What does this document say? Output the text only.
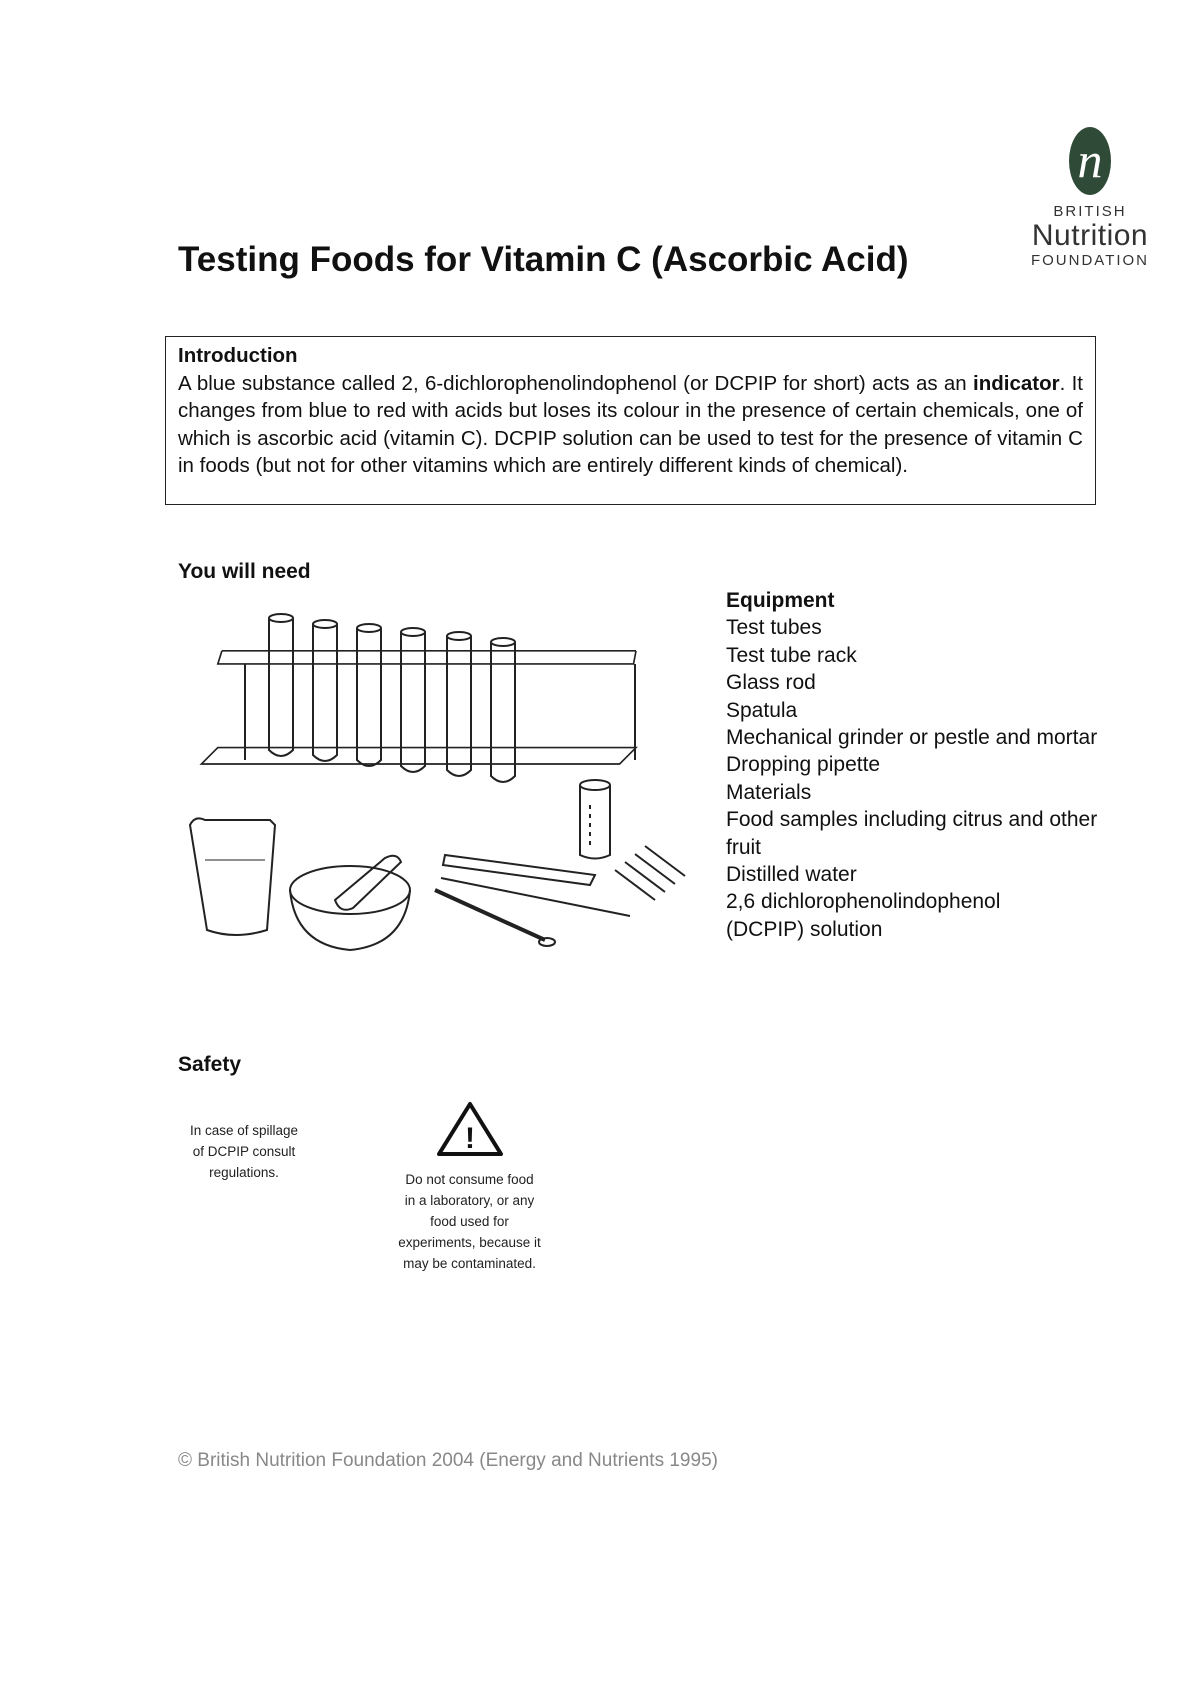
n
BRITISH
Nutrition
FOUNDATION
Testing Foods for Vitamin C (Ascorbic Acid)
Introduction
A blue substance called 2, 6-dichlorophenolindophenol (or DCPIP for short) acts as an indicator. It changes from blue to red with acids but loses its colour in the presence of certain chemicals, one of which is ascorbic acid (vitamin C). DCPIP solution can be used to test for the presence of vitamin C in foods (but not for other vitamins which are entirely different kinds of chemical).
You will need
Equipment
Test tubes
Test tube rack
Glass rod
Spatula
Mechanical grinder or pestle and mortar
Dropping pipette
Materials
Food samples including citrus and other
fruit
Distilled water
2,6 dichlorophenolindophenol
(DCPIP) solution
Safety
In case of spillage
of DCPIP consult
regulations.
!
Do not consume food
in a laboratory, or any
food used for
experiments, because it
may be contaminated.
© British Nutrition Foundation 2004 (Energy and Nutrients 1995)
